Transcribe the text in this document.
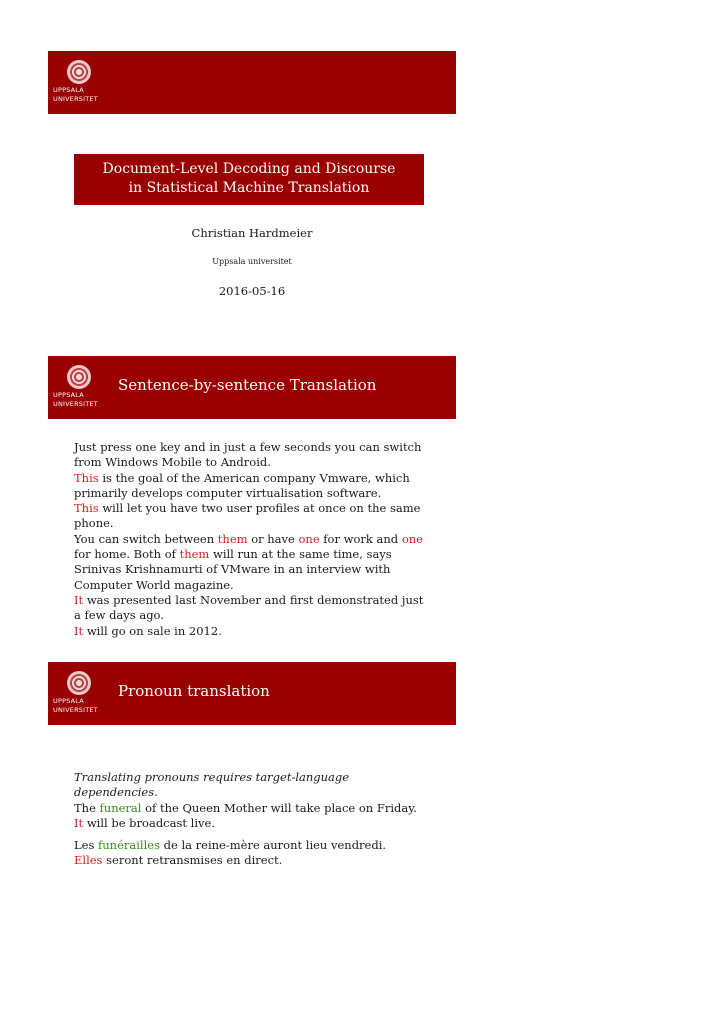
UPPSALA
UNIVERSITET
Document-Level Decoding and Discourse
in Statistical Machine Translation
Christian Hardmeier
Uppsala universitet
2016-05-16
UPPSALA
UNIVERSITET
Sentence-by-sentence Translation
Just press one key and in just a few seconds you can switch from Windows Mobile to Android.
This is the goal of the American company Vmware, which primarily develops computer virtualisation software.
This will let you have two user profiles at once on the same phone.
You can switch between them or have one for work and one for home. Both of them will run at the same time, says Srinivas Krishnamurti of VMware in an interview with Computer World magazine.
It was presented last November and first demonstrated just a few days ago.
It will go on sale in 2012.
UPPSALA
UNIVERSITET
Pronoun translation
Translating pronouns requires target-language dependencies.
The funeral of the Queen Mother will take place on Friday.
It will be broadcast live.
Les funérailles de la reine-mère auront lieu vendredi.
Elles seront retransmises en direct.
